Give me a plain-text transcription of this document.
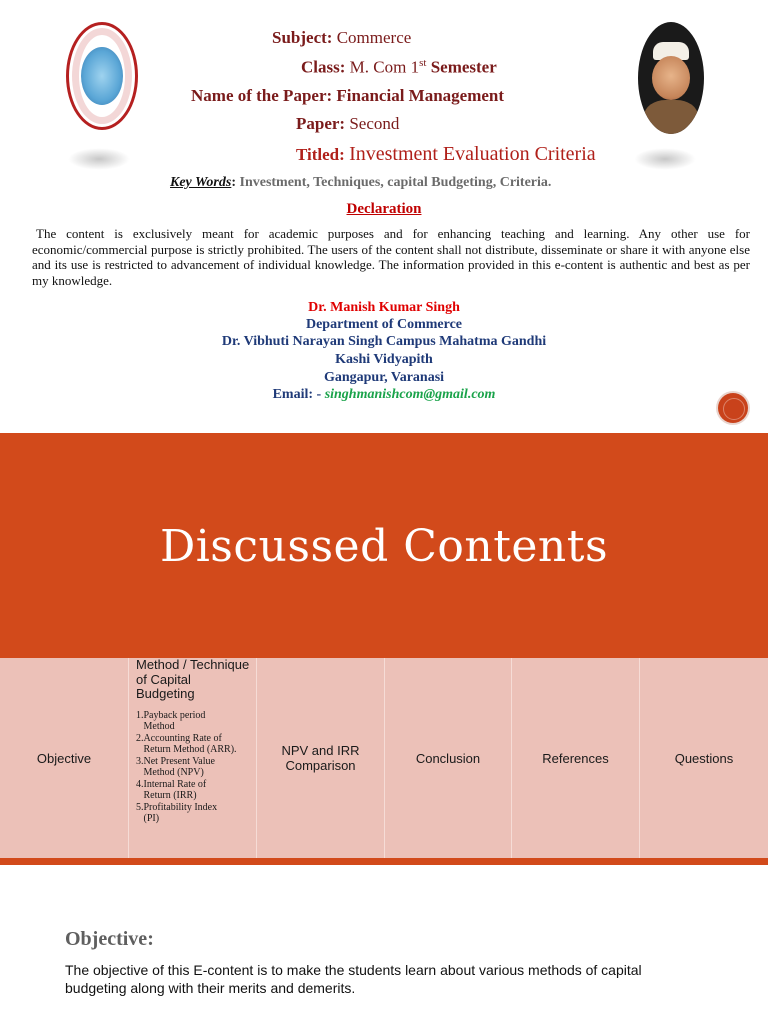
Subject: Commerce
Class: M. Com 1st Semester
Name of the Paper: Financial Management
Paper: Second
Titled: Investment Evaluation Criteria
Key Words: Investment, Techniques, capital Budgeting, Criteria.
Declaration
The content is exclusively meant for academic purposes and for enhancing teaching and learning. Any other use for economic/commercial purpose is strictly prohibited. The users of the content shall not distribute, disseminate or share it with anyone else and its use is restricted to advancement of individual knowledge. The information provided in this e-content is authentic and best as per my knowledge.
Dr. Manish Kumar Singh
Department of Commerce
Dr. Vibhuti Narayan Singh Campus Mahatma Gandhi
Kashi Vidyapith
Gangapur, Varanasi
Email: - singhmanishcom@gmail.com
Discussed Contents
Objective
Method / Technique of Capital Budgeting
1.Payback period
Method
2.Accounting Rate of
Return Method (ARR).
3.Net Present Value
Method (NPV)
4.Internal Rate of
Return (IRR)
5.Profitability Index
(PI)
NPV and IRR Comparison	Conclusion	References	Questions
Objective:
The objective of this E-content is to make the students learn about various methods of capital budgeting along with their merits and demerits.
